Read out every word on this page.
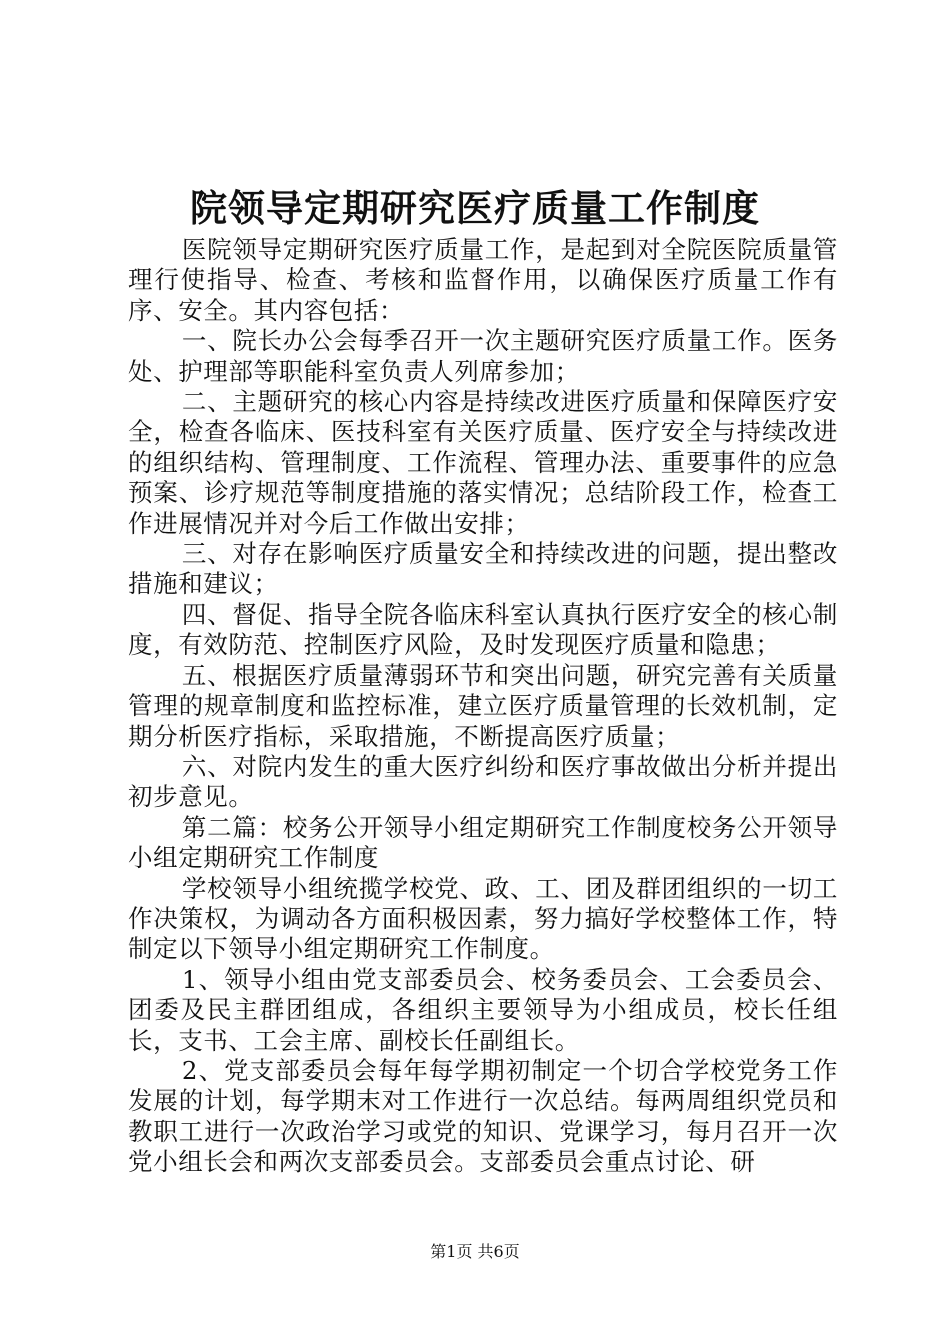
院领导定期研究医疗质量工作制度

医院领导定期研究医疗质量工作，是起到对全院医院质量管理行使指导、检查、考核和监督作用，以确保医疗质量工作有序、安全。其内容包括：

一、院长办公会每季召开一次主题研究医疗质量工作。医务处、护理部等职能科室负责人列席参加；

二、主题研究的核心内容是持续改进医疗质量和保障医疗安全，检查各临床、医技科室有关医疗质量、医疗安全与持续改进的组织结构、管理制度、工作流程、管理办法、重要事件的应急预案、诊疗规范等制度措施的落实情况；总结阶段工作，检查工作进展情况并对今后工作做出安排；

三、对存在影响医疗质量安全和持续改进的问题，提出整改措施和建议；

四、督促、指导全院各临床科室认真执行医疗安全的核心制度，有效防范、控制医疗风险，及时发现医疗质量和隐患；

五、根据医疗质量薄弱环节和突出问题，研究完善有关质量管理的规章制度和监控标准，建立医疗质量管理的长效机制，定期分析医疗指标，采取措施，不断提高医疗质量；

六、对院内发生的重大医疗纠纷和医疗事故做出分析并提出初步意见。

第二篇：校务公开领导小组定期研究工作制度校务公开领导小组定期研究工作制度

学校领导小组统揽学校党、政、工、团及群团组织的一切工作决策权，为调动各方面积极因素，努力搞好学校整体工作，特制定以下领导小组定期研究工作制度。

1、领导小组由党支部委员会、校务委员会、工会委员会、团委及民主群团组成，各组织主要领导为小组成员，校长任组长，支书、工会主席、副校长任副组长。

2、党支部委员会每年每学期初制定一个切合学校党务工作发展的计划，每学期末对工作进行一次总结。每两周组织党员和教职工进行一次政治学习或党的知识、党课学习，每月召开一次党小组长会和两次支部委员会。支部委员会重点讨论、研

第1页 共6页
